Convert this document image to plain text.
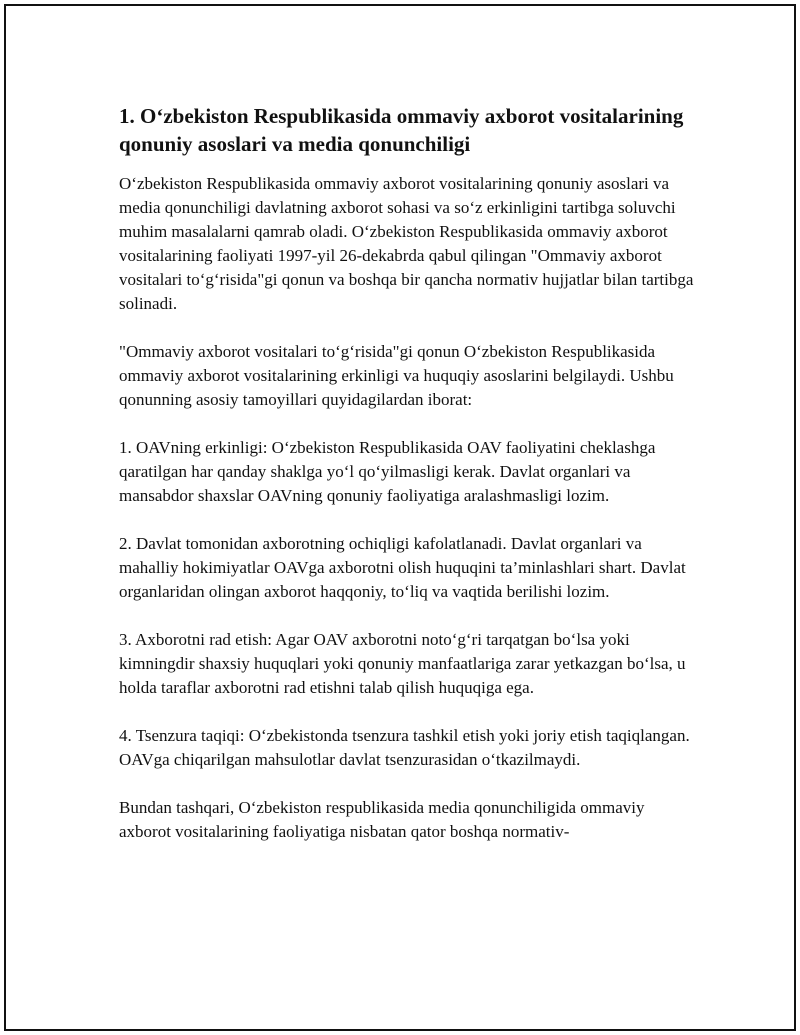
1. O‘zbekiston Respublikasida ommaviy axborot vositalarining qonuniy asoslari va media qonunchiligi

O‘zbekiston Respublikasida ommaviy axborot vositalarining qonuniy asoslari va media qonunchiligi davlatning axborot sohasi va so‘z erkinligini tartibga soluvchi muhim masalalarni qamrab oladi. O‘zbekiston Respublikasida ommaviy axborot vositalarining faoliyati 1997-yil 26-dekabrda qabul qilingan "Ommaviy axborot vositalari to‘g‘risida"gi qonun va boshqa bir qancha normativ hujjatlar bilan tartibga solinadi.

"Ommaviy axborot vositalari to‘g‘risida"gi qonun O‘zbekiston Respublikasida ommaviy axborot vositalarining erkinligi va huquqiy asoslarini belgilaydi. Ushbu qonunning asosiy tamoyillari quyidagilardan iborat:

1. OAVning erkinligi: O‘zbekiston Respublikasida OAV faoliyatini cheklashga qaratilgan har qanday shaklga yo‘l qo‘yilmasligi kerak. Davlat organlari va mansabdor shaxslar OAVning qonuniy faoliyatiga aralashmasligi lozim.

2. Davlat tomonidan axborotning ochiqligi kafolatlanadi. Davlat organlari va mahalliy hokimiyatlar OAVga axborotni olish huquqini ta’minlashlari shart. Davlat organlaridan olingan axborot haqqoniy, to‘liq va vaqtida berilishi lozim.

3. Axborotni rad etish: Agar OAV axborotni noto‘g‘ri tarqatgan bo‘lsa yoki kimningdir shaxsiy huquqlari yoki qonuniy manfaatlariga zarar yetkazgan bo‘lsa, u holda taraflar axborotni rad etishni talab qilish huquqiga ega.

4. Tsenzura taqiqi: O‘zbekistonda tsenzura tashkil etish yoki joriy etish taqiqlangan. OAVga chiqarilgan mahsulotlar davlat tsenzurasidan o‘tkazilmaydi.

Bundan tashqari, O‘zbekiston respublikasida media qonunchiligida ommaviy axborot vositalarining faoliyatiga nisbatan qator boshqa normativ-
